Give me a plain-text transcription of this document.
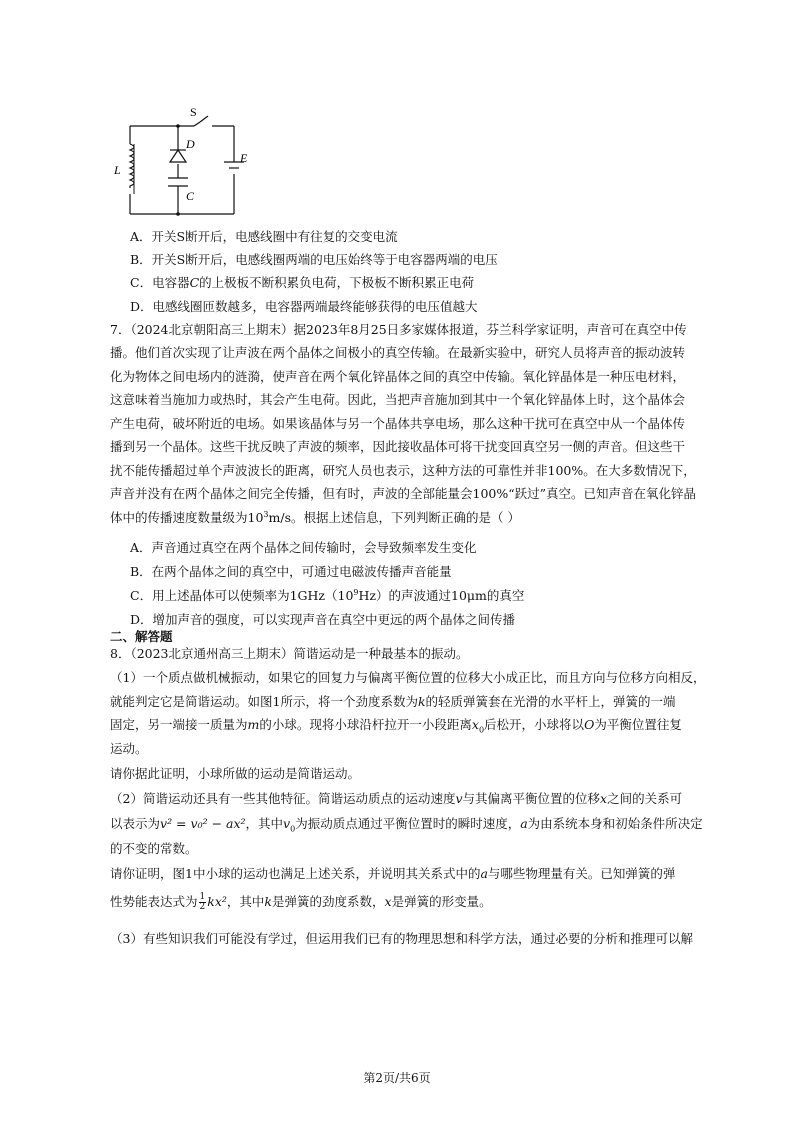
S
D
E
L
C
A．开关S断开后，电感线圈中有往复的交变电流
B．开关S断开后，电感线圈两端的电压始终等于电容器两端的电压
C．电容器C的上极板不断积累负电荷，下极板不断积累正电荷
D．电感线圈匝数越多，电容器两端最终能够获得的电压值越大
7．（2024北京朝阳高三上期末）据2023年8月25日多家媒体报道，芬兰科学家证明，声音可在真空中传
播。他们首次实现了让声波在两个晶体之间极小的真空传输。在最新实验中，研究人员将声音的振动波转
化为物体之间电场内的涟漪，使声音在两个氧化锌晶体之间的真空中传输。氧化锌晶体是一种压电材料，
这意味着当施加力或热时，其会产生电荷。因此，当把声音施加到其中一个氧化锌晶体上时，这个晶体会
产生电荷，破坏附近的电场。如果该晶体与另一个晶体共享电场，那么这种干扰可在真空中从一个晶体传
播到另一个晶体。这些干扰反映了声波的频率，因此接收晶体可将干扰变回真空另一侧的声音。但这些干
扰不能传播超过单个声波波长的距离，研究人员也表示，这种方法的可靠性并非100%。在大多数情况下，
声音并没有在两个晶体之间完全传播，但有时，声波的全部能量会100%“跃过”真空。已知声音在氧化锌晶
体中的传播速度数量级为$10^3m/s$。根据上述信息，下列判断正确的是（ ）
A．声音通过真空在两个晶体之间传输时，会导致频率发生变化
B．在两个晶体之间的真空中，可通过电磁波传播声音能量
C．用上述晶体可以使频率为$1GHz(10^9Hz)$的声波通过10μm的真空
D．增加声音的强度，可以实现声音在真空中更远的两个晶体之间传播
二、解答题
8．（2023北京通州高三上期末）简谐运动是一种最基本的振动。
（1）一个质点做机械振动，如果它的回复力与偏离平衡位置的位移大小成正比，而且方向与位移方向相反，
就能判定它是简谐运动。如图1所示，将一个劲度系数为k的轻质弹簧套在光滑的水平杆上，弹簧的一端
固定，另一端接一质量为m的小球。现将小球沿杆拉开一小段距离$x_0$后松开，小球将以O为平衡位置往复
运动。
请你据此证明，小球所做的运动是简谐运动。
（2）简谐运动还具有一些其他特征。简谐运动质点的运动速度v与其偏离平衡位置的位移x之间的关系可
以表示为v² = v₀² − ax²，其中$v_0$为振动质点通过平衡位置时的瞬时速度，a为由系统本身和初始条件所决定
的不变的常数。
请你证明，图1中小球的运动也满足上述关系，并说明其关系式中的a与哪些物理量有关。已知弹簧的弹
性势能表达式为 $\frac{1}{2} kx^2$，其中k是弹簧的劲度系数，x是弹簧的形变量。
（3）有些知识我们可能没有学过，但运用我们已有的物理思想和科学方法，通过必要的分析和推理可以解
第2页/共6页
